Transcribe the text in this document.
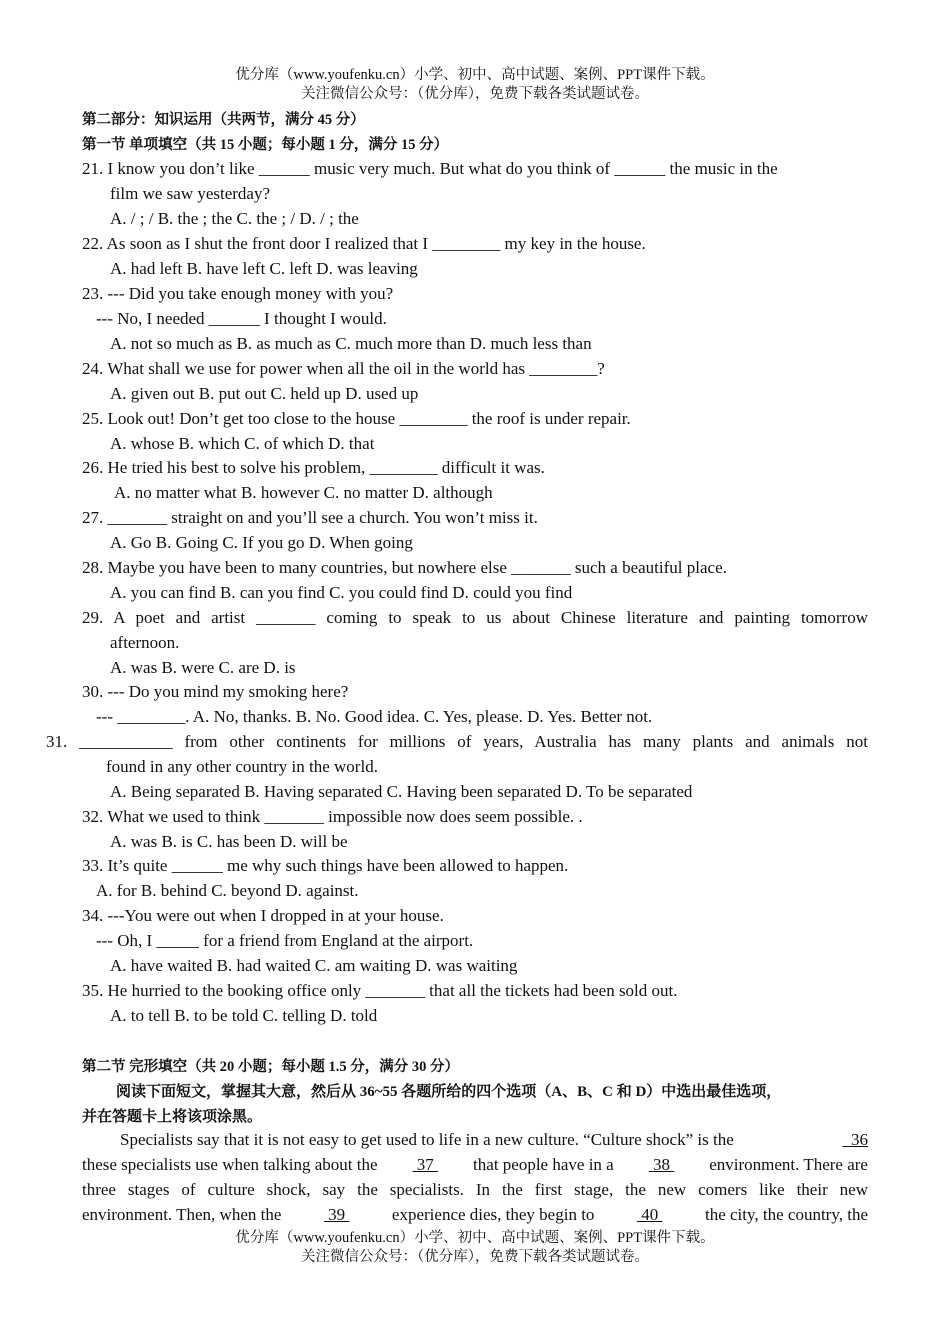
优分库（www.youfenku.cn）小学、初中、高中试题、案例、PPT课件下载。
关注微信公众号：（优分库），免费下载各类试题试卷。
第二部分：知识运用（共两节，满分 45 分）
第一节 单项填空（共 15 小题；每小题 1 分，满分 15 分）
21. I know you don’t like ______ music very much. But what do you think of ______ the music in the
film we saw yesterday?
A. / ; / B. the ; the C. the ; / D. / ; the
22. As soon as I shut the front door I realized that I ________ my key in the house.
A. had left B. have left C. left D. was leaving
23. --- Did you take enough money with you?
--- No, I needed ______ I thought I would.
A. not so much as B. as much as C. much more than D. much less than
24. What shall we use for power when all the oil in the world has ________?
A. given out B. put out C. held up D. used up
25. Look out! Don’t get too close to the house ________ the roof is under repair.
A. whose B. which C. of which D. that
26. He tried his best to solve his problem, ________ difficult it was.
A. no matter what B. however C. no matter D. although
27. _______ straight on and you’ll see a church. You won’t miss it.
A. Go B. Going C. If you go D. When going
28. Maybe you have been to many countries, but nowhere else _______ such a beautiful place.
A. you can find B. can you find C. you could find D. could you find
29. A poet and artist _______ coming to speak to us about Chinese literature and painting tomorrow
afternoon.
A. was B. were C. are D. is
30. --- Do you mind my smoking here?
--- ________. A. No, thanks. B. No. Good idea. C. Yes, please. D. Yes. Better not.
31. ___________ from other continents for millions of years, Australia has many plants and animals not
found in any other country in the world.
A. Being separated B. Having separated C. Having been separated D. To be separated
32. What we used to think _______ impossible now does seem possible. .
A. was B. is C. has been D. will be
33. It’s quite ______ me why such things have been allowed to happen.
A. for B. behind C. beyond D. against.
34. ---You were out when I dropped in at your house.
--- Oh, I _____ for a friend from England at the airport.
A. have waited B. had waited C. am waiting D. was waiting
35. He hurried to the booking office only _______ that all the tickets had been sold out.
A. to tell B. to be told C. telling D. told
第二节 完形填空（共 20 小题；每小题 1.5 分，满分 30 分）
阅读下面短文，掌握其大意，然后从 36~55 各题所给的四个选项（A、B、C 和 D）中选出最佳选项，
并在答题卡上将该项涂黑。
Specialists say that it is not easy to get used to life in a new culture. “Culture shock” is the	36
these specialists use when talking about the 37 that people have in a 38 environment. There are
three stages of culture shock, say the specialists. In the first stage, the new comers like their new
environment. Then, when the	39	experience dies, they begin to	40	the city, the country, the
优分库（www.youfenku.cn）小学、初中、高中试题、案例、PPT课件下载。
关注微信公众号：（优分库），免费下载各类试题试卷。
